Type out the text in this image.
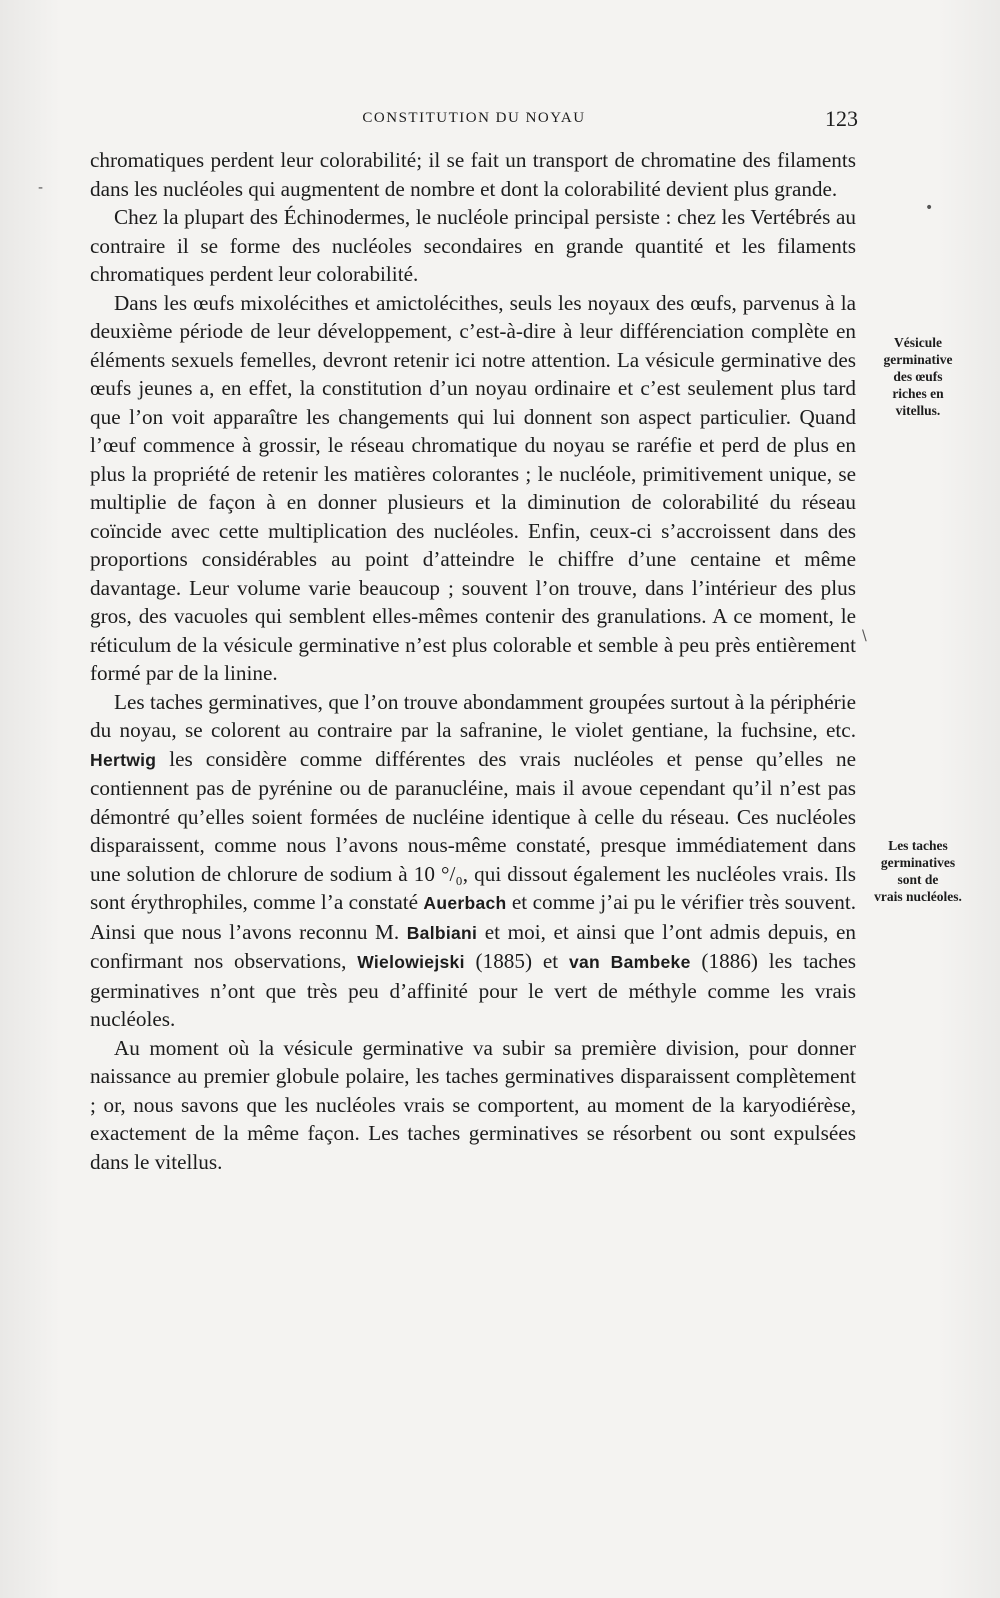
CONSTITUTION DU NOYAU	123
-
•
\

chromatiques perdent leur colorabilité; il se fait un transport de chromatine des filaments dans les nucléoles qui augmentent de nombre et dont la colorabilité devient plus grande.

Chez la plupart des Échinodermes, le nucléole principal persiste : chez les Vertébrés au contraire il se forme des nucléoles secondaires en grande quantité et les filaments chromatiques perdent leur colorabilité.

Dans les œufs mixolécithes et amictolécithes, seuls les noyaux des œufs, parvenus à la deuxième période de leur développement, c’est-à-dire à leur différenciation complète en éléments sexuels femelles, devront retenir ici notre attention. La vésicule germinative des œufs jeunes a, en effet, la constitution d’un noyau ordinaire et c’est seulement plus tard que l’on voit apparaître les changements qui lui donnent son aspect particulier. Quand l’œuf commence à grossir, le réseau chromatique du noyau se raréfie et perd de plus en plus la propriété de retenir les matières colorantes ; le nucléole, primitivement unique, se multiplie de façon à en donner plusieurs et la diminution de colorabilité du réseau coïncide avec cette multiplication des nucléoles. Enfin, ceux-ci s’accroissent dans des proportions considérables au point d’atteindre le chiffre d’une centaine et même davantage. Leur volume varie beaucoup ; souvent l’on trouve, dans l’intérieur des plus gros, des vacuoles qui semblent elles-mêmes contenir des granulations. A ce moment, le réticulum de la vésicule germinative n’est plus colorable et semble à peu près entièrement formé par de la linine.

Les taches germinatives, que l’on trouve abondamment groupées surtout à la périphérie du noyau, se colorent au contraire par la safranine, le violet gentiane, la fuchsine, etc. Hertwig les considère comme différentes des vrais nucléoles et pense qu’elles ne contiennent pas de pyrénine ou de paranucléine, mais il avoue cependant qu’il n’est pas démontré qu’elles soient formées de nucléine identique à celle du réseau. Ces nucléoles disparaissent, comme nous l’avons nous-même constaté, presque immédiatement dans une solution de chlorure de sodium à 10 °/₀, qui dissout également les nucléoles vrais. Ils sont érythrophiles, comme l’a constaté Auerbach et comme j’ai pu le vérifier très souvent. Ainsi que nous l’avons reconnu M. Balbiani et moi, et ainsi que l’ont admis depuis, en confirmant nos observations, Wielowiejski (1885) et van Bambeke (1886) les taches germinatives n’ont que très peu d’affinité pour le vert de méthyle comme les vrais nucléoles.

Au moment où la vésicule germinative va subir sa première division, pour donner naissance au premier globule polaire, les taches germinatives disparaissent complètement ; or, nous savons que les nucléoles vrais se comportent, au moment de la karyodiérèse, exactement de la même façon. Les taches germinatives se résorbent ou sont expulsées dans le vitellus.

Vésicule
germinative
des œufs
riches en
vitellus.
Les taches
germinatives
sont de
vrais nucléoles.
